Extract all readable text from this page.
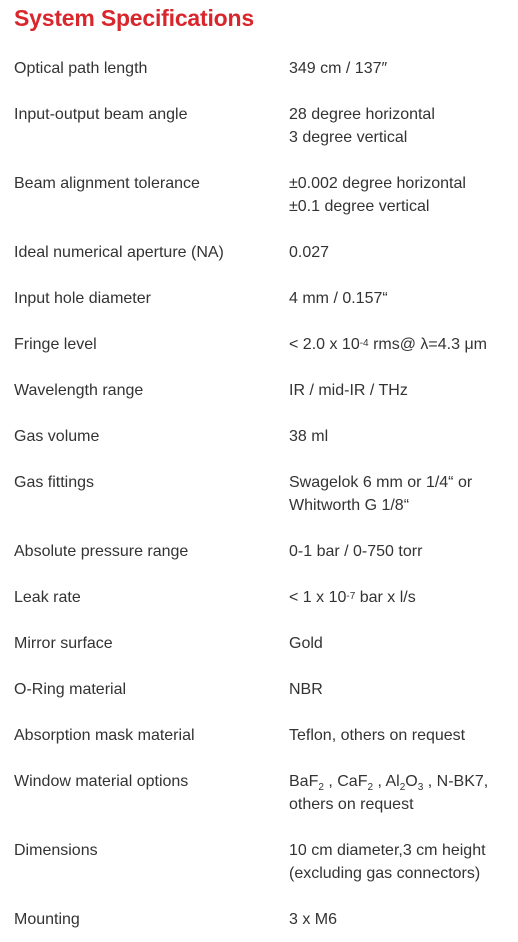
System Specifications
Optical path length	349 cm / 137″

Input-output beam angle	28 degree horizontal
3 degree vertical

Beam alignment tolerance	±0.002 degree horizontal
±0.1 degree vertical

Ideal numerical aperture (NA)	0.027

Input hole diameter	4 mm / 0.157“

Fringe level	< 2.0 x $10^{-4}$ rms@ λ=4.3 μm
Wavelength range	IR / mid-IR / THz

Gas volume	38 ml

Gas fittings	Swagelok 6 mm or 1/4“ or
Whitworth G 1/8“

Absolute pressure range	0-1 bar / 0-750 torr

Leak rate	< 1 x $10^{-7}$ bar x l/s
Mirror surface	Gold

O-Ring material	NBR

Absorption mask material	Teflon, others on request

Window material options	BaF$_2$ , CaF$_2$ , $Al_2O_3$ , N-BK7,
others on request

Dimensions	10 cm diameter,3 cm height
(excluding gas connectors)

Mounting	3 x M6
